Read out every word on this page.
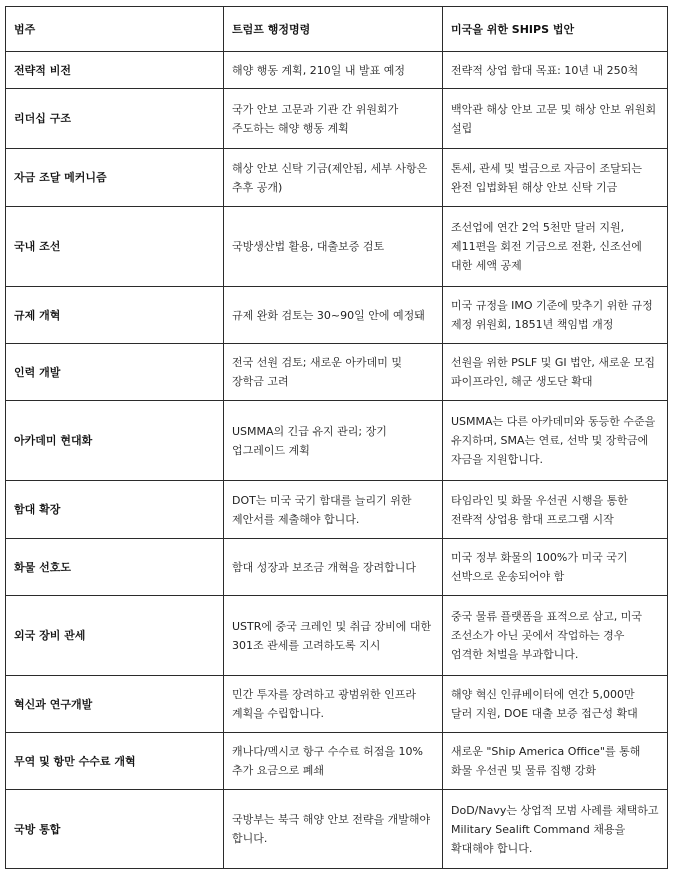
범주	트럼프 행정명령	미국을 위한 SHIPS 법안
전략적 비전	해양 행동 계획, 210일 내 발표 예정	전략적 상업 함대 목표: 10년 내 250척
리더십 구조	국가 안보 고문과 기관 간 위원회가 주도하는 해양 행동 계획	백악관 해상 안보 고문 및 해상 안보 위원회 설립
자금 조달 메커니즘	해상 안보 신탁 기금(제안됨, 세부 사항은 추후 공개)	톤세, 관세 및 벌금으로 자금이 조달되는 완전 입법화된 해상 안보 신탁 기금
국내 조선	국방생산법 활용, 대출보증 검토	조선업에 연간 2억 5천만 달러 지원, 제11편을 회전 기금으로 전환, 신조선에 대한 세액 공제
규제 개혁	규제 완화 검토는 30~90일 안에 예정돼	미국 규정을 IMO 기준에 맞추기 위한 규정 제정 위원회, 1851년 책임법 개정
인력 개발	전국 선원 검토; 새로운 아카데미 및 장학금 고려	선원을 위한 PSLF 및 GI 법안, 새로운 모집 파이프라인, 해군 생도단 확대
아카데미 현대화	USMMA의 긴급 유지 관리; 장기 업그레이드 계획	USMMA는 다른 아카데미와 동등한 수준을 유지하며, SMA는 연료, 선박 및 장학금에 자금을 지원합니다.
함대 확장	DOT는 미국 국기 함대를 늘리기 위한 제안서를 제출해야 합니다.	타임라인 및 화물 우선권 시행을 통한 전략적 상업용 함대 프로그램 시작
화물 선호도	함대 성장과 보조금 개혁을 장려합니다	미국 정부 화물의 100%가 미국 국기 선박으로 운송되어야 함
외국 장비 관세	USTR에 중국 크레인 및 취급 장비에 대한 301조 관세를 고려하도록 지시	중국 물류 플랫폼을 표적으로 삼고, 미국 조선소가 아닌 곳에서 작업하는 경우 엄격한 처벌을 부과합니다.
혁신과 연구개발	민간 투자를 장려하고 광범위한 인프라 계획을 수립합니다.	해양 혁신 인큐베이터에 연간 5,000만 달러 지원, DOE 대출 보증 접근성 확대
무역 및 항만 수수료 개혁	캐나다/멕시코 항구 수수료 허점을 10% 추가 요금으로 폐쇄	새로운 "Ship America Office"를 통해 화물 우선권 및 물류 집행 강화
국방 통합	국방부는 북극 해양 안보 전략을 개발해야 합니다.	DoD/Navy는 상업적 모범 사례를 채택하고 Military Sealift Command 채용을 확대해야 합니다.
